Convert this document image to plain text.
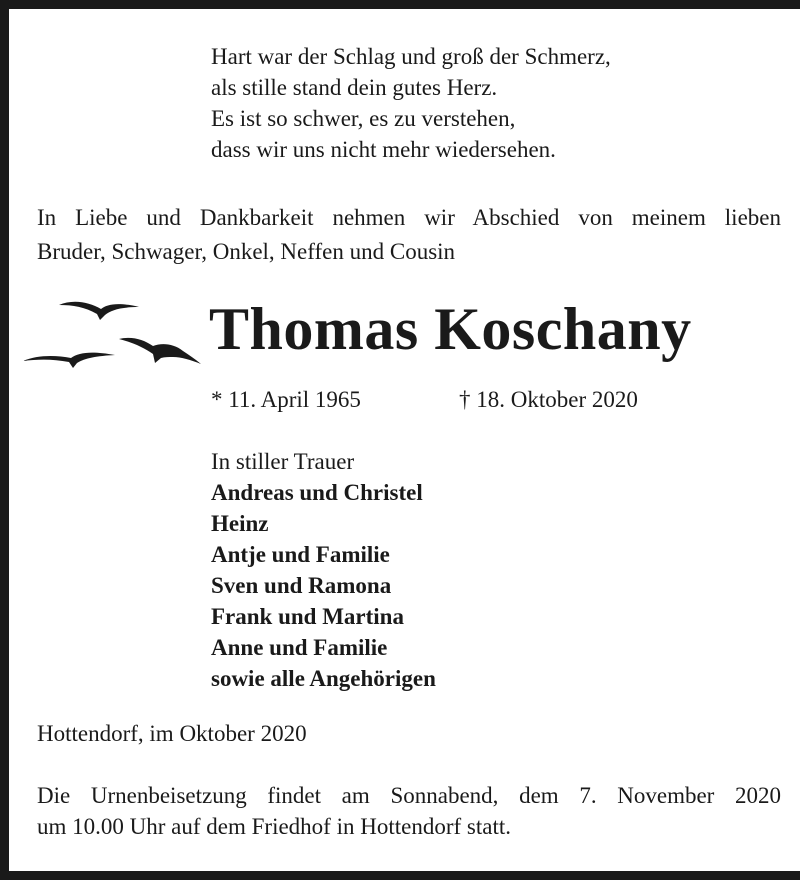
Hart war der Schlag und groß der Schmerz,
als stille stand dein gutes Herz.
Es ist so schwer, es zu verstehen,
dass wir uns nicht mehr wiedersehen.
In Liebe und Dankbarkeit nehmen wir Abschied von meinem lieben
Bruder, Schwager, Onkel, Neffen und Cousin
Thomas Koschany
* 11. April 1965	† 18. Oktober 2020
In stiller Trauer
Andreas und Christel
Heinz
Antje und Familie
Sven und Ramona
Frank und Martina
Anne und Familie
sowie alle Angehörigen
Hottendorf, im Oktober 2020
Die Urnenbeisetzung findet am Sonnabend, dem 7. November 2020
um 10.00 Uhr auf dem Friedhof in Hottendorf statt.
